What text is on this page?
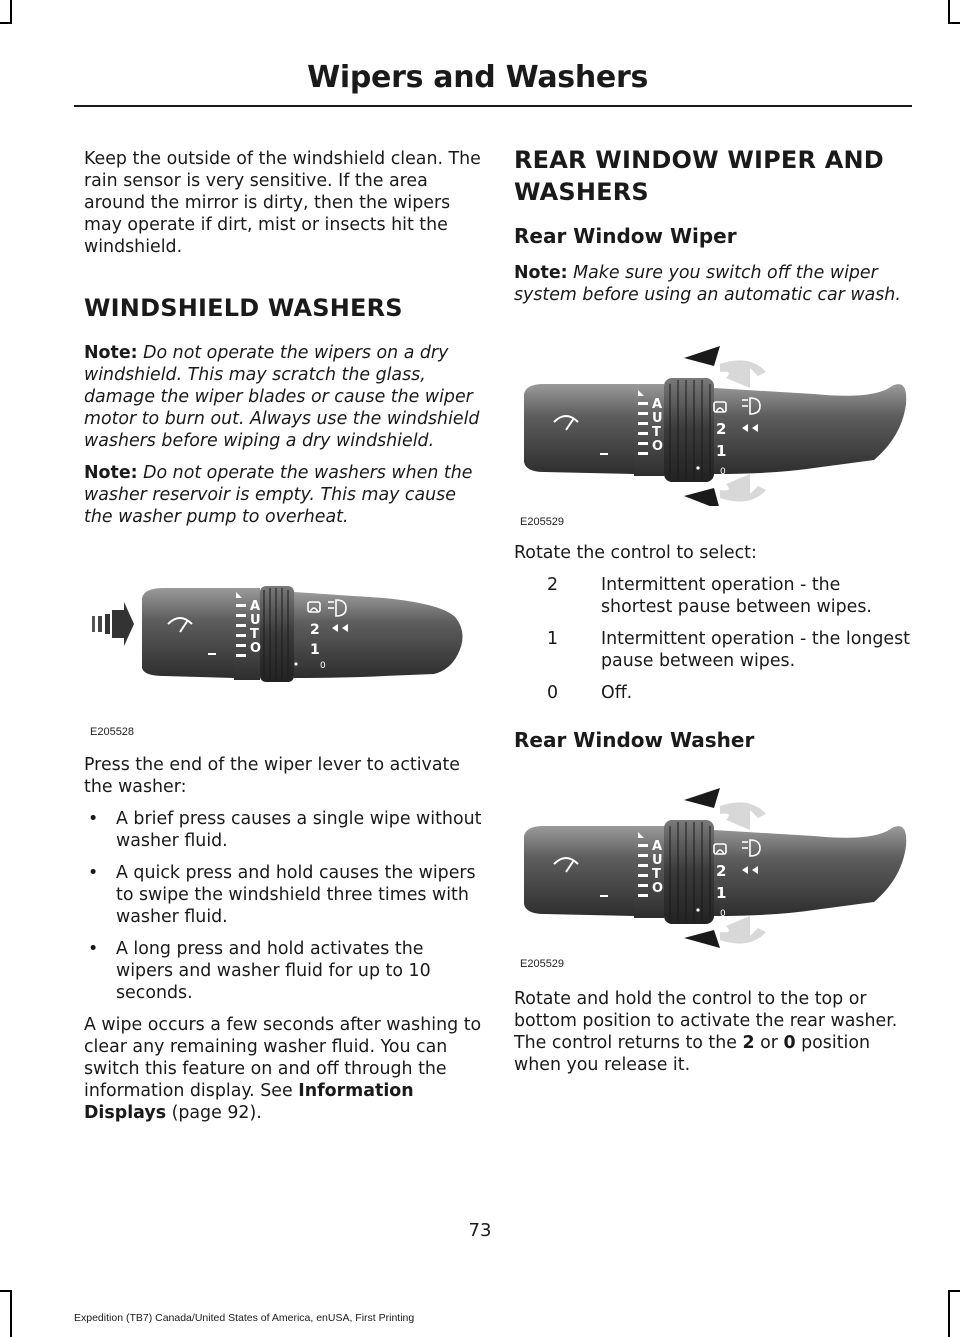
Wipers and Washers

Keep the outside of the windshield clean. The rain sensor is very sensitive. If the area around the mirror is dirty, then the wipers may operate if dirt, mist or insects hit the windshield.

WINDSHIELD WASHERS

Note: Do not operate the wipers on a dry windshield. This may scratch the glass, damage the wiper blades or cause the wiper motor to burn out. Always use the windshield washers before wiping a dry windshield.

Note: Do not operate the washers when the washer reservoir is empty. This may cause the washer pump to overheat.

A
U
T
O
2
1
0
E205528

Press the end of the wiper lever to activate the washer:

• A brief press causes a single wipe without washer fluid.
• A quick press and hold causes the wipers to swipe the windshield three times with washer fluid.
• A long press and hold activates the wipers and washer fluid for up to 10 seconds.

A wipe occurs a few seconds after washing to clear any remaining washer fluid. You can switch this feature on and off through the information display. See Information Displays (page 92).

REAR WINDOW WIPER AND
WASHERS
Rear Window Wiper

Note: Make sure you switch off the wiper system before using an automatic car wash.

A
U
T
O
2
1
0
E205529

Rotate the control to select:

2	Intermittent operation - the shortest pause between wipes.
1	Intermittent operation - the longest pause between wipes.
0	Off.
Rear Window Washer
A
U
T
O
2
1
0
E205529

Rotate and hold the control to the top or bottom position to activate the rear washer. The control returns to the 2 or 0 position when you release it.

73
Expedition (TB7) Canada/United States of America, enUSA, First Printing
